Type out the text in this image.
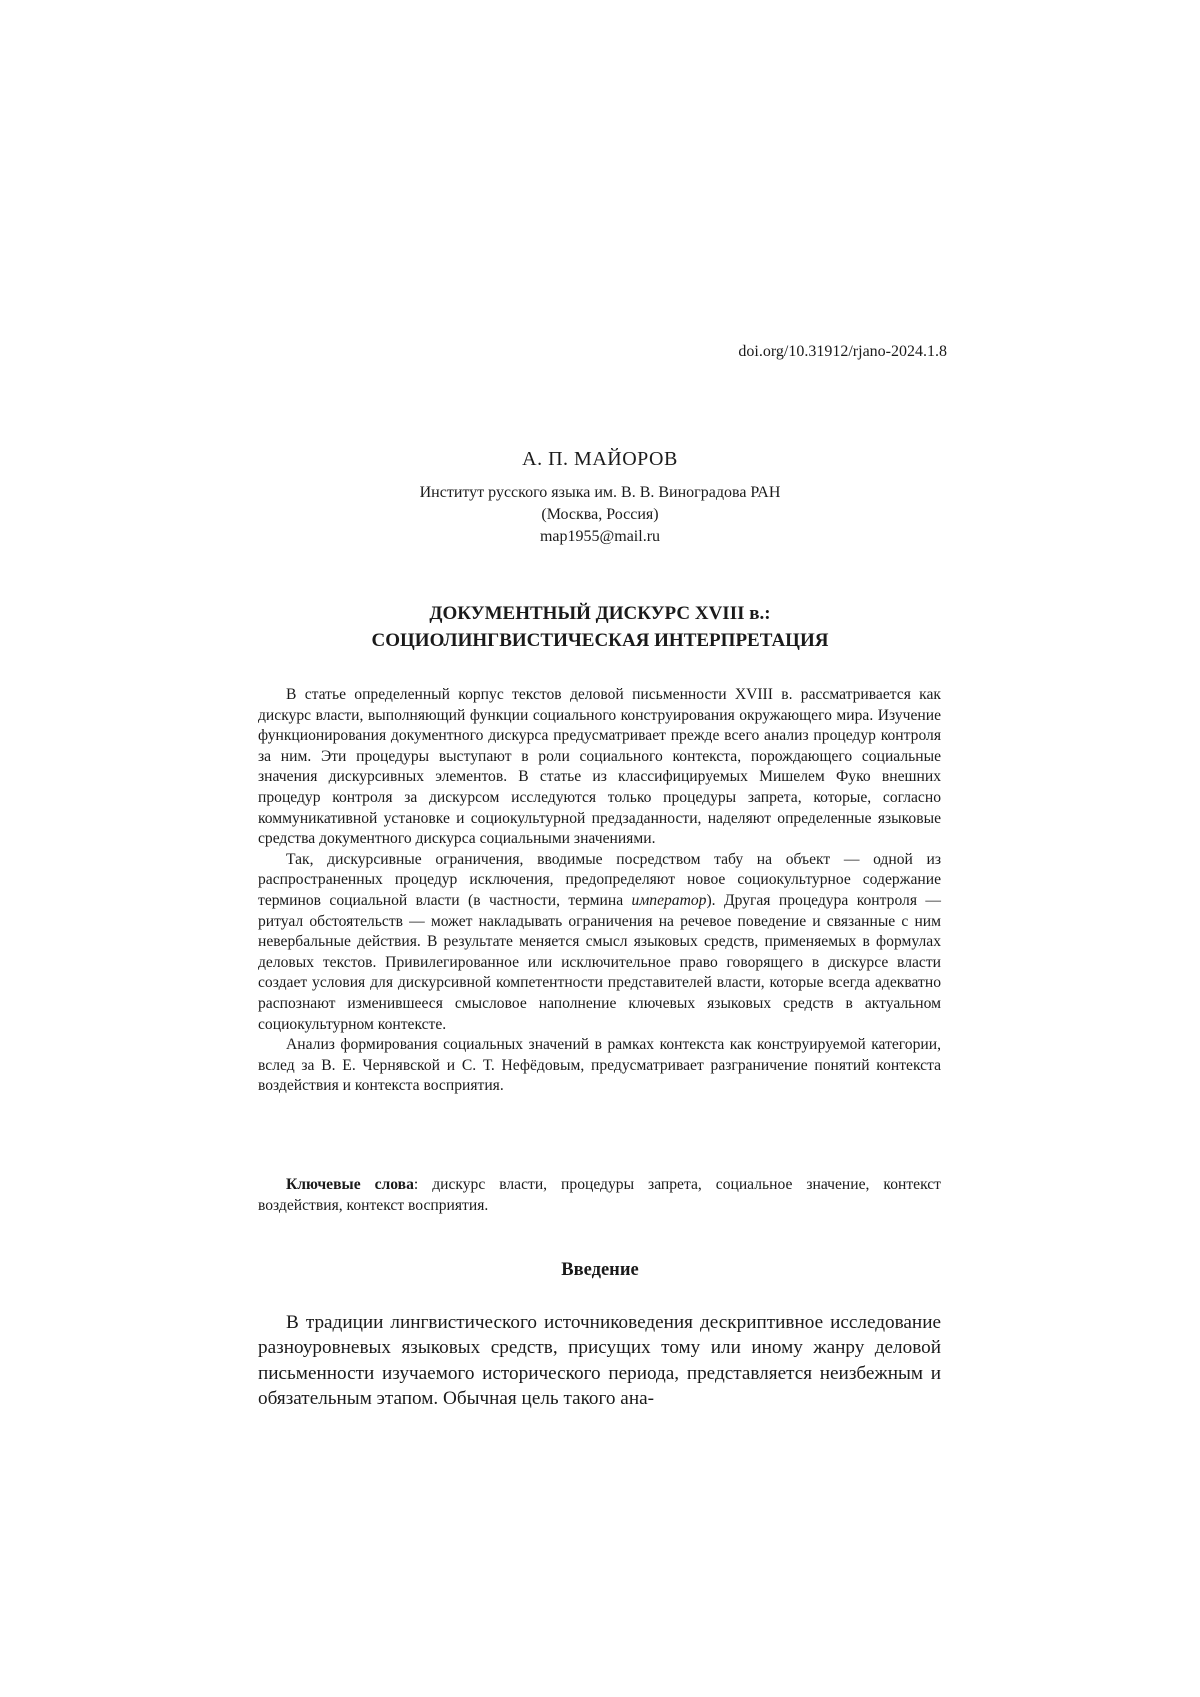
doi.org/10.31912/rjano-2024.1.8
А. П. МАЙОРОВ
Институт русского языка им. В. В. Виноградова РАН
(Москва, Россия)
map1955@mail.ru
ДОКУМЕНТНЫЙ ДИСКУРС XVIII в.:
СОЦИОЛИНГВИСТИЧЕСКАЯ ИНТЕРПРЕТАЦИЯ

В статье определенный корпус текстов деловой письменности XVIII в. рассматривается как дискурс власти, выполняющий функции социального конструирования окружающего мира. Изучение функционирования документного дискурса предусматривает прежде всего анализ процедур контроля за ним. Эти процедуры выступают в роли социального контекста, порождающего социальные значения дискурсивных элементов. В статье из классифицируемых Мишелем Фуко внешних процедур контроля за дискурсом исследуются только процедуры запрета, которые, согласно коммуникативной установке и социокультурной предзаданности, наделяют определенные языковые средства документного дискурса социальными значениями.

Так, дискурсивные ограничения, вводимые посредством табу на объект — одной из распространенных процедур исключения, предопределяют новое социокультурное содержание терминов социальной власти (в частности, термина император). Другая процедура контроля — ритуал обстоятельств — может накладывать ограничения на речевое поведение и связанные с ним невербальные действия. В результате меняется смысл языковых средств, применяемых в формулах деловых текстов. Привилегированное или исключительное право говорящего в дискурсе власти создает условия для дискурсивной компетентности представителей власти, которые всегда адекватно распознают изменившееся смысловое наполнение ключевых языковых средств в актуальном социокультурном контексте.

Анализ формирования социальных значений в рамках контекста как конструируемой категории, вслед за В. Е. Чернявской и С. Т. Нефёдовым, предусматривает разграничение понятий контекста воздействия и контекста восприятия.

Ключевые слова: дискурс власти, процедуры запрета, социальное значение, контекст воздействия, контекст восприятия.
Введение

В традиции лингвистического источниковедения дескриптивное исследование разноуровневых языковых средств, присущих тому или иному жанру деловой письменности изучаемого исторического периода, представляется неизбежным и обязательным этапом. Обычная цель такого ана-
